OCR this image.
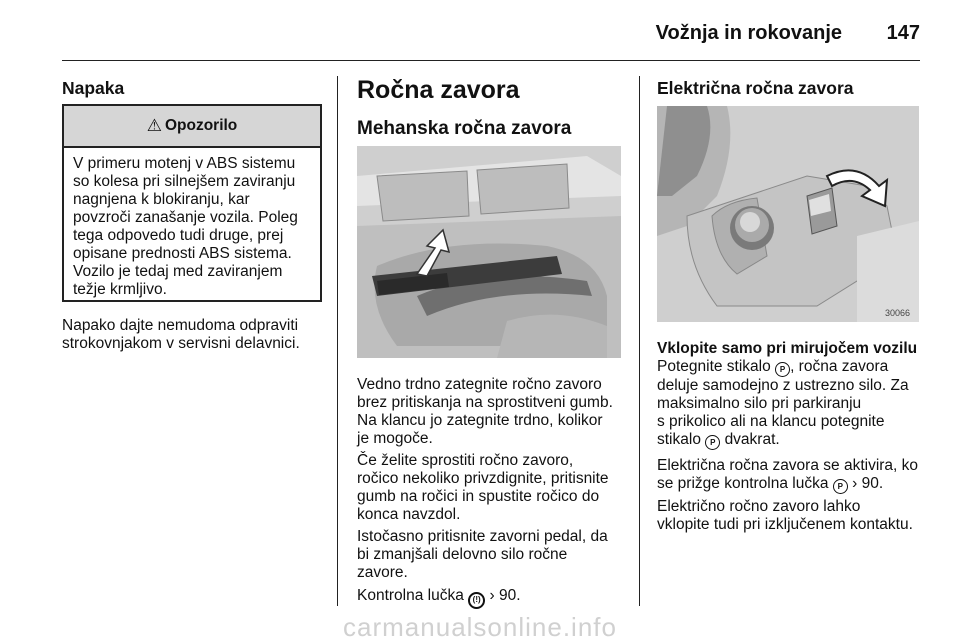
Vožnja in rokovanje 147
Napaka
⚠ Opozorilo
V primeru motenj v ABS sistemu
so kolesa pri silnejšem zaviranju
nagnjena k blokiranju, kar
povzroči zanašanje vozila. Poleg
tega odpovedo tudi druge, prej
opisane prednosti ABS sistema.
Vozilo je tedaj med zaviranjem
težje krmljivo.
Napako dajte nemudoma odpraviti
strokovnjakom v servisni delavnici.
Ročna zavora
Mehanska ročna zavora
Vedno trdno zategnite ročno zavoro
brez pritiskanja na sprostitveni gumb.
Na klancu jo zategnite trdno, kolikor
je mogoče.
Če želite sprostiti ročno zavoro,
ročico nekoliko privzdignite, pritisnite
gumb na ročici in spustite ročico do
konca navzdol.
Istočasno pritisnite zavorni pedal, da
bi zmanjšali delovno silo ročne
zavore.
Kontrolna lučka (!) › 90.
Električna ročna zavora
30066
Vklopite samo pri mirujočem vozilu
Potegnite stikalo P , ročna zavora
deluje samodejno z ustrezno silo. Za
maksimalno silo pri parkiranju
s prikolico ali na klancu potegnite
stikalo P dvakrat.
Električna ročna zavora se aktivira, ko
se prižge kontrolna lučka P › 90.
Električno ročno zavoro lahko
vklopite tudi pri izključenem kontaktu.
carmanualsonline.info
